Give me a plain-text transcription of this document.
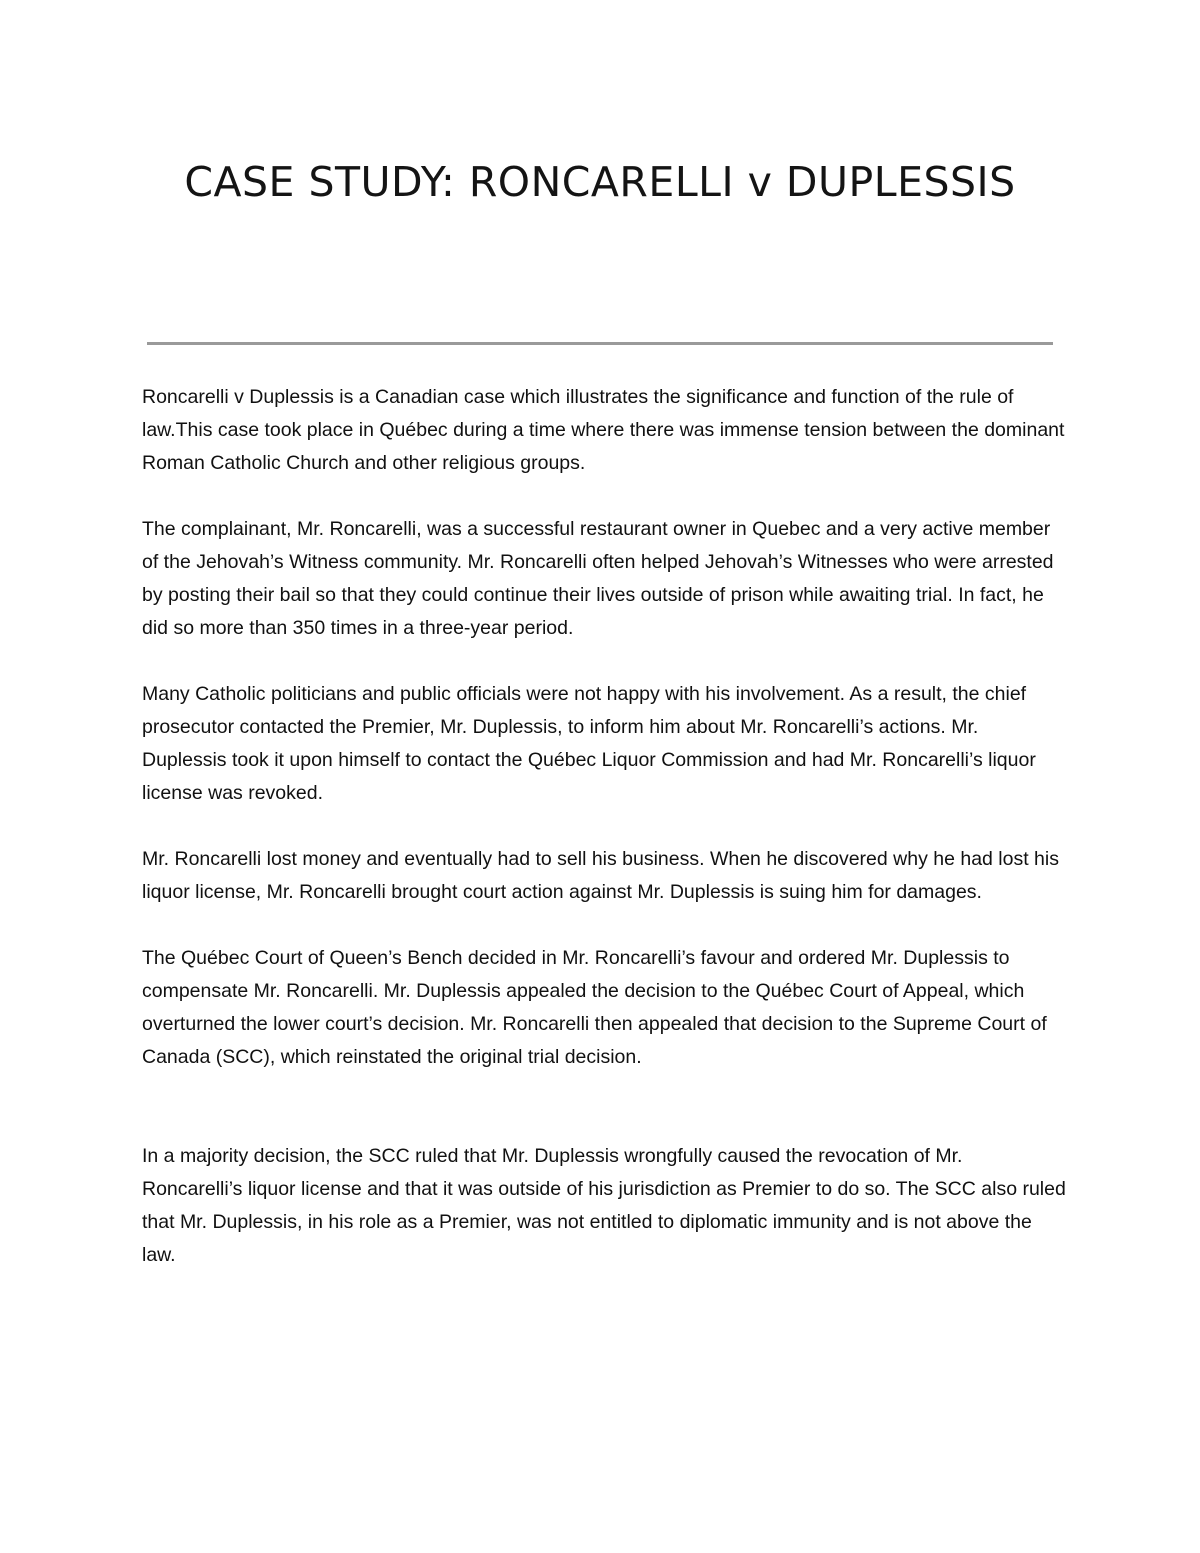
CASE STUDY: RONCARELLI v DUPLESSIS

Roncarelli v Duplessis is a Canadian case which illustrates the significance and function of the rule of law.This case took place in Québec during a time where there was immense tension between the dominant Roman Catholic Church and other religious groups.

The complainant, Mr. Roncarelli, was a successful restaurant owner in Quebec and a very active member of the Jehovah’s Witness community. Mr. Roncarelli often helped Jehovah’s Witnesses who were arrested by posting their bail so that they could continue their lives outside of prison while awaiting trial. In fact, he did so more than 350 times in a three-year period.

Many Catholic politicians and public officials were not happy with his involvement. As a result, the chief prosecutor contacted the Premier, Mr. Duplessis, to inform him about Mr. Roncarelli’s actions. Mr. Duplessis took it upon himself to contact the Québec Liquor Commission and had Mr. Roncarelli’s liquor license was revoked.

Mr. Roncarelli lost money and eventually had to sell his business. When he discovered why he had lost his liquor license, Mr. Roncarelli brought court action against Mr. Duplessis is suing him for damages.

The Québec Court of Queen’s Bench decided in Mr. Roncarelli’s favour and ordered Mr. Duplessis to compensate Mr. Roncarelli. Mr. Duplessis appealed the decision to the Québec Court of Appeal, which overturned the lower court’s decision. Mr. Roncarelli then appealed that decision to the Supreme Court of Canada (SCC), which reinstated the original trial decision.

In a majority decision, the SCC ruled that Mr. Duplessis wrongfully caused the revocation of Mr. Roncarelli’s liquor license and that it was outside of his jurisdiction as Premier to do so. The SCC also ruled that Mr. Duplessis, in his role as a Premier, was not entitled to diplomatic immunity and is not above the law.
